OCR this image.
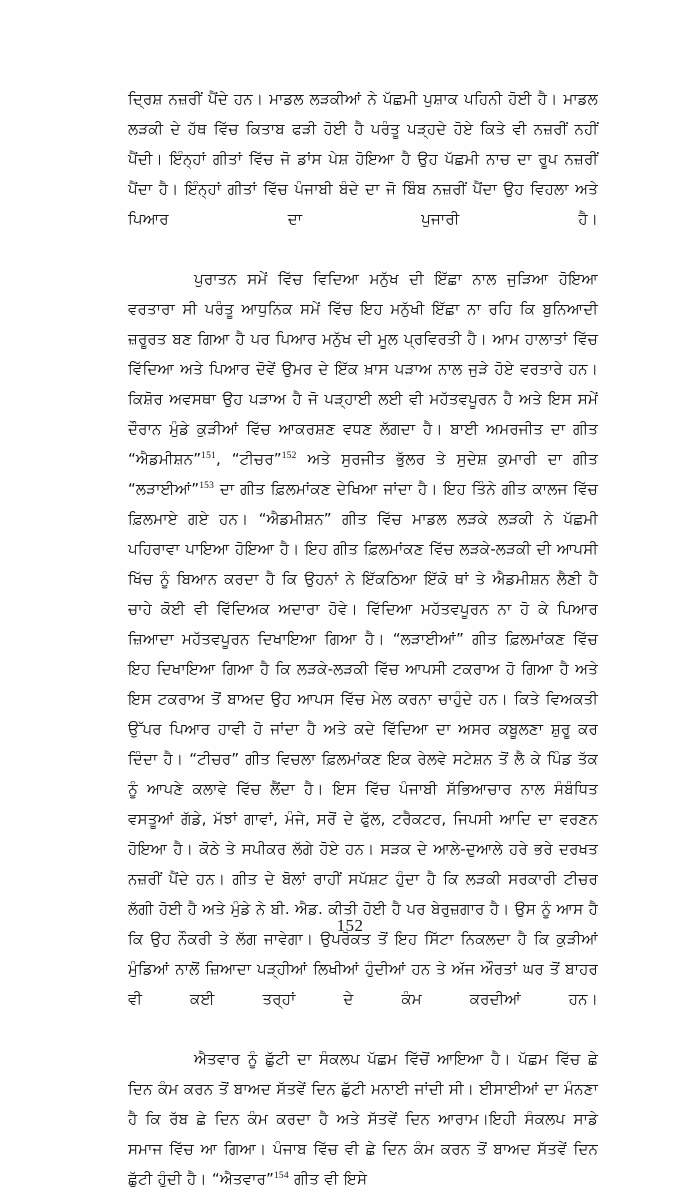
ਦ੍ਰਿਸ਼ ਨਜ਼ਰੀਂ ਪੈਂਦੇ ਹਨ। ਮਾਡਲ ਲੜਕੀਆਂ ਨੇ ਪੱਛਮੀ ਪੁਸ਼ਾਕ ਪਹਿਨੀ ਹੋਈ ਹੈ। ਮਾਡਲ ਲੜਕੀ ਦੇ ਹੱਥ ਵਿੱਚ ਕਿਤਾਬ ਫੜੀ ਹੋਈ ਹੈ ਪਰੰਤੂ ਪੜ੍ਹਦੇ ਹੋਏ ਕਿਤੇ ਵੀ ਨਜ਼ਰੀਂ ਨਹੀਂ ਪੈਂਦੀ। ਇੰਨ੍ਹਾਂ ਗੀਤਾਂ ਵਿੱਚ ਜੋ ਡਾਂਸ ਪੇਸ਼ ਹੋਇਆ ਹੈ ਉਹ ਪੱਛਮੀ ਨਾਚ ਦਾ ਰੂਪ ਨਜ਼ਰੀਂ ਪੈਂਦਾ ਹੈ। ਇੰਨ੍ਹਾਂ ਗੀਤਾਂ ਵਿੱਚ ਪੰਜਾਬੀ ਬੰਦੇ ਦਾ ਜੋ ਬਿੰਬ ਨਜ਼ਰੀਂ ਪੈਂਦਾ ਉਹ ਵਿਹਲਾ ਅਤੇ ਪਿਆਰ ਦਾ ਪੁਜਾਰੀ ਹੈ।

ਪੁਰਾਤਨ ਸਮੇਂ ਵਿੱਚ ਵਿਦਿਆ ਮਨੁੱਖ ਦੀ ਇੱਛਾ ਨਾਲ ਜੁੜਿਆ ਹੋਇਆ ਵਰਤਾਰਾ ਸੀ ਪਰੰਤੂ ਆਧੁਨਿਕ ਸਮੇਂ ਵਿੱਚ ਇਹ ਮਨੁੱਖੀ ਇੱਛਾ ਨਾ ਰਹਿ ਕਿ ਬੁਨਿਆਦੀ ਜ਼ਰੂਰਤ ਬਣ ਗਿਆ ਹੈ ਪਰ ਪਿਆਰ ਮਨੁੱਖ ਦੀ ਮੂਲ ਪ੍ਰਵਿਰਤੀ ਹੈ। ਆਮ ਹਾਲਾਤਾਂ ਵਿੱਚ ਵਿੱਦਿਆ ਅਤੇ ਪਿਆਰ ਦੋਵੇਂ ਉਮਰ ਦੇ ਇੱਕ ਖ਼ਾਸ ਪੜਾਅ ਨਾਲ ਜੁੜੇ ਹੋਏ ਵਰਤਾਰੇ ਹਨ। ਕਿਸ਼ੋਰ ਅਵਸਥਾ ਉਹ ਪੜਾਅ ਹੈ ਜੋ ਪੜ੍ਹਾਈ ਲਈ ਵੀ ਮਹੱਤਵਪੂਰਨ ਹੈ ਅਤੇ ਇਸ ਸਮੇਂ ਦੌਰਾਨ ਮੁੰਡੇ ਕੁੜੀਆਂ ਵਿੱਚ ਆਕਰਸ਼ਣ ਵਧਣ ਲੱਗਦਾ ਹੈ। ਬਾਈ ਅਮਰਜੀਤ ਦਾ ਗੀਤ “ਐਡਮੀਸ਼ਨ”$^{151}$, “ਟੀਚਰ”$^{152}$ ਅਤੇ ਸੁਰਜੀਤ ਭੁੱਲਰ ਤੇ ਸੁਦੇਸ਼ ਕੁਮਾਰੀ ਦਾ ਗੀਤ “ਲੜਾਈਆਂ”$^{153}$ ਦਾ ਗੀਤ ਫ਼ਿਲਮਾਂਕਣ ਦੇਖਿਆ ਜਾਂਦਾ ਹੈ। ਇਹ ਤਿੰਨੇ ਗੀਤ ਕਾਲਜ ਵਿੱਚ ਫ਼ਿਲਮਾਏ ਗਏ ਹਨ। “ਐਡਮੀਸ਼ਨ” ਗੀਤ ਵਿੱਚ ਮਾਡਲ ਲੜਕੇ ਲੜਕੀ ਨੇ ਪੱਛਮੀ ਪਹਿਰਾਵਾ ਪਾਇਆ ਹੋਇਆ ਹੈ। ਇਹ ਗੀਤ ਫ਼ਿਲਮਾਂਕਣ ਵਿੱਚ ਲੜਕੇ-ਲੜਕੀ ਦੀ ਆਪਸੀ ਖਿੱਚ ਨੂੰ ਬਿਆਨ ਕਰਦਾ ਹੈ ਕਿ ਉਹਨਾਂ ਨੇ ਇੱਕਠਿਆ ਇੱਕੋ ਥਾਂ ਤੇ ਐਡਮੀਸ਼ਨ ਲੈਣੀ ਹੈ ਚਾਹੇ ਕੋਈ ਵੀ ਵਿੱਦਿਅਕ ਅਦਾਰਾ ਹੋਵੇ। ਵਿੱਦਿਆ ਮਹੱਤਵਪੂਰਨ ਨਾ ਹੋ ਕੇ ਪਿਆਰ ਜ਼ਿਆਦਾ ਮਹੱਤਵਪੂਰਨ ਦਿਖਾਇਆ ਗਿਆ ਹੈ। “ਲੜਾਈਆਂ” ਗੀਤ ਫ਼ਿਲਮਾਂਕਣ ਵਿੱਚ ਇਹ ਦਿਖਾਇਆ ਗਿਆ ਹੈ ਕਿ ਲੜਕੇ-ਲੜਕੀ ਵਿੱਚ ਆਪਸੀ ਟਕਰਾਅ ਹੋ ਗਿਆ ਹੈ ਅਤੇ ਇਸ ਟਕਰਾਅ ਤੋਂ ਬਾਅਦ ਉਹ ਆਪਸ ਵਿੱਚ ਮੇਲ ਕਰਨਾ ਚਾਹੁੰਦੇ ਹਨ। ਕਿਤੇ ਵਿਅਕਤੀ ਉੱਪਰ ਪਿਆਰ ਹਾਵੀ ਹੋ ਜਾਂਦਾ ਹੈ ਅਤੇ ਕਦੇ ਵਿੱਦਿਆ ਦਾ ਅਸਰ ਕਬੂਲਣਾ ਸ਼ੁਰੂ ਕਰ ਦਿੰਦਾ ਹੈ। “ਟੀਚਰ” ਗੀਤ ਵਿਚਲਾ ਫ਼ਿਲਮਾਂਕਣ ਇਕ ਰੇਲਵੇ ਸਟੇਸ਼ਨ ਤੋਂ ਲੈ ਕੇ ਪਿੰਡ ਤੱਕ ਨੂੰ ਆਪਣੇ ਕਲਾਵੇ ਵਿੱਚ ਲੈਂਦਾ ਹੈ। ਇਸ ਵਿੱਚ ਪੰਜਾਬੀ ਸੱਭਿਆਚਾਰ ਨਾਲ ਸੰਬੰਧਿਤ ਵਸਤੂਆਂ ਗੱਡੇ, ਮੱਝਾਂ ਗਾਵਾਂ, ਮੰਜੇ, ਸਰੋਂ ਦੇ ਫੁੱਲ, ਟਰੈਕਟਰ, ਜਿਪਸੀ ਆਦਿ ਦਾ ਵਰਣਨ ਹੋਇਆ ਹੈ। ਕੋਠੇ ਤੇ ਸਪੀਕਰ ਲੱਗੇ ਹੋਏ ਹਨ। ਸੜਕ ਦੇ ਆਲੇ-ਦੁਆਲੇ ਹਰੇ ਭਰੇ ਦਰਖਤ ਨਜ਼ਰੀਂ ਪੈਂਦੇ ਹਨ। ਗੀਤ ਦੇ ਬੋਲਾਂ ਰਾਹੀਂ ਸਪੱਸ਼ਟ ਹੁੰਦਾ ਹੈ ਕਿ ਲੜਕੀ ਸਰਕਾਰੀ ਟੀਚਰ ਲੱਗੀ ਹੋਈ ਹੈ ਅਤੇ ਮੁੰਡੇ ਨੇ ਬੀ. ਐਡ. ਕੀਤੀ ਹੋਈ ਹੈ ਪਰ ਬੇਰੁਜ਼ਗਾਰ ਹੈ। ਉਸ ਨੂੰ ਆਸ ਹੈ ਕਿ ਉਹ ਨੌਕਰੀ ਤੇ ਲੱਗ ਜਾਵੇਗਾ। ਉਪਰੋਕਤ ਤੋਂ ਇਹ ਸਿੱਟਾ ਨਿਕਲਦਾ ਹੈ ਕਿ ਕੁੜੀਆਂ ਮੁੰਡਿਆਂ ਨਾਲੋਂ ਜ਼ਿਆਦਾ ਪੜ੍ਹੀਆਂ ਲਿਖੀਆਂ ਹੁੰਦੀਆਂ ਹਨ ਤੇ ਅੱਜ ਔਰਤਾਂ ਘਰ ਤੋਂ ਬਾਹਰ ਵੀ ਕਈ ਤਰ੍ਹਾਂ ਦੇ ਕੰਮ ਕਰਦੀਆਂ ਹਨ।

ਐਤਵਾਰ ਨੂੰ ਛੁੱਟੀ ਦਾ ਸੰਕਲਪ ਪੱਛਮ ਵਿੱਚੋਂ ਆਇਆ ਹੈ। ਪੱਛਮ ਵਿੱਚ ਛੇ ਦਿਨ ਕੰਮ ਕਰਨ ਤੋਂ ਬਾਅਦ ਸੱਤਵੇਂ ਦਿਨ ਛੁੱਟੀ ਮਨਾਈ ਜਾਂਦੀ ਸੀ। ਈਸਾਈਆਂ ਦਾ ਮੰਨਣਾ ਹੈ ਕਿ ਰੱਬ ਛੇ ਦਿਨ ਕੰਮ ਕਰਦਾ ਹੈ ਅਤੇ ਸੱਤਵੇਂ ਦਿਨ ਆਰਾਮ।ਇਹੀ ਸੰਕਲਪ ਸਾਡੇ ਸਮਾਜ ਵਿੱਚ ਆ ਗਿਆ। ਪੰਜਾਬ ਵਿੱਚ ਵੀ ਛੇ ਦਿਨ ਕੰਮ ਕਰਨ ਤੋਂ ਬਾਅਦ ਸੱਤਵੇਂ ਦਿਨ ਛੁੱਟੀ ਹੁੰਦੀ ਹੈ। “ਐਤਵਾਰ”$^{154}$ ਗੀਤ ਵੀ ਇਸੇ

152
